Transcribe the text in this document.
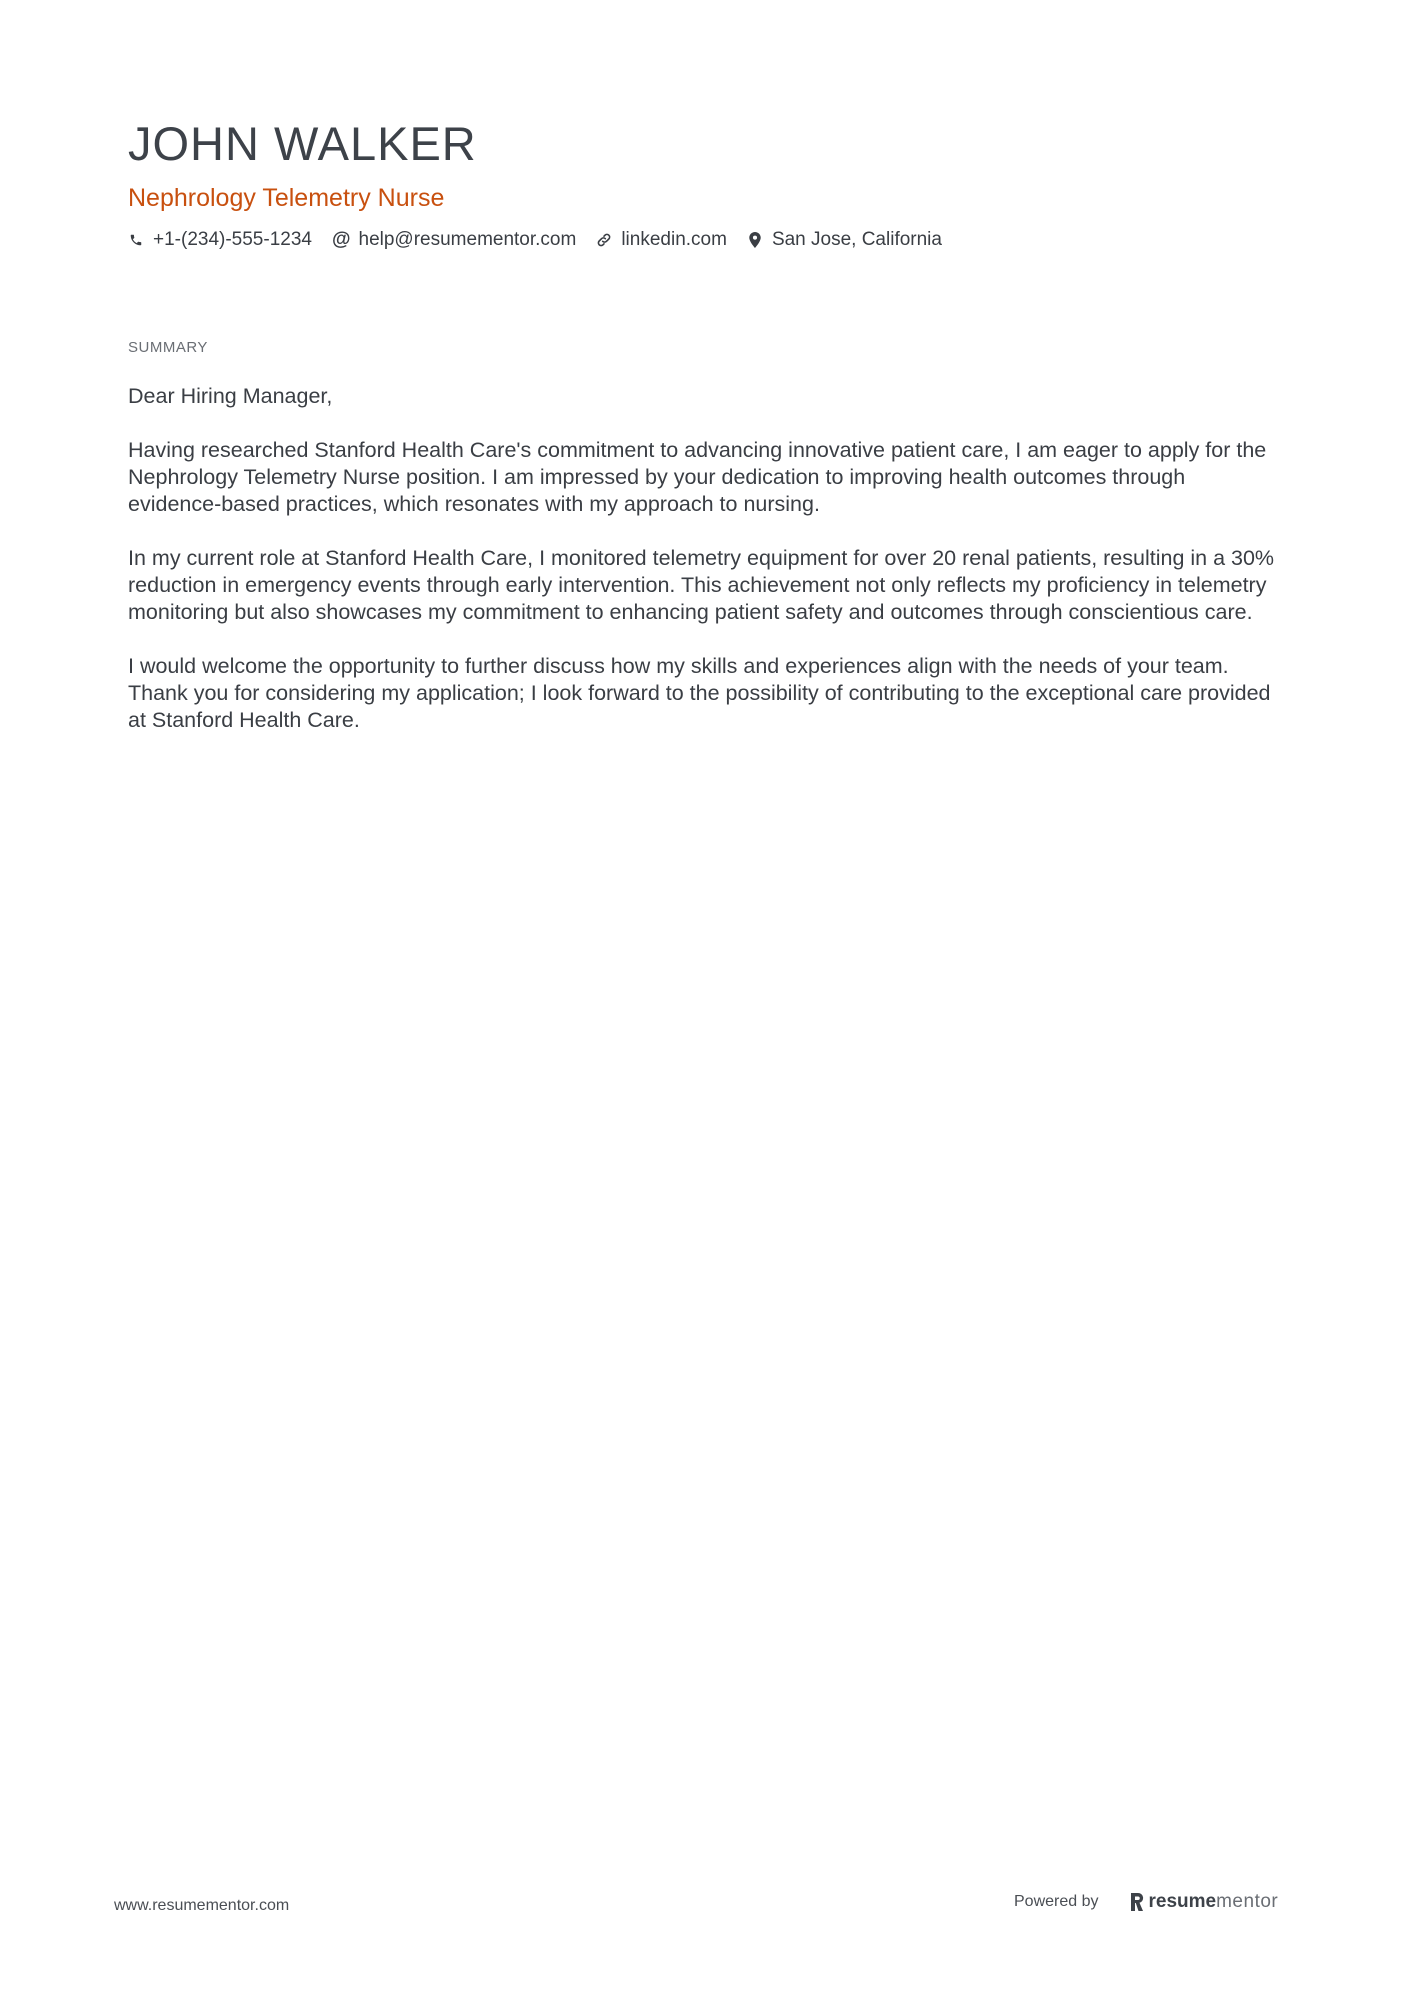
JOHN WALKER
Nephrology Telemetry Nurse
+1-(234)-555-1234 @ help@resumementor.com linkedin.com San Jose, California
SUMMARY

Dear Hiring Manager,

Having researched Stanford Health Care's commitment to advancing innovative patient care, I am eager to apply for the Nephrology Telemetry Nurse position. I am impressed by your dedication to improving health outcomes through evidence-based practices, which resonates with my approach to nursing.

In my current role at Stanford Health Care, I monitored telemetry equipment for over 20 renal patients, resulting in a 30% reduction in emergency events through early intervention. This achievement not only reflects my proficiency in telemetry monitoring but also showcases my commitment to enhancing patient safety and outcomes through conscientious care.

I would welcome the opportunity to further discuss how my skills and experiences align with the needs of your team. Thank you for considering my application; I look forward to the possibility of contributing to the exceptional care provided at Stanford Health Care.

www.resumementor.com	Powered by	resume mentor
